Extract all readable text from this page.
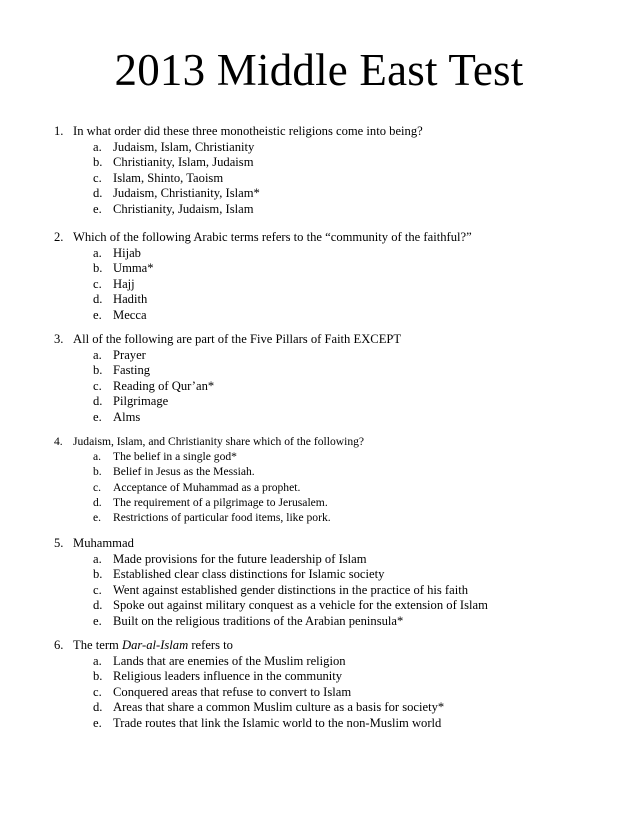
2013 Middle East Test
1. In what order did these three monotheistic religions come into being?
a. Judaism, Islam, Christianity
b. Christianity, Islam, Judaism
c. Islam, Shinto, Taoism
d. Judaism, Christianity, Islam*
e. Christianity, Judaism, Islam
2. Which of the following Arabic terms refers to the “community of the faithful?”
a. Hijab
b. Umma*
c. Hajj
d. Hadith
e. Mecca
3. All of the following are part of the Five Pillars of Faith EXCEPT
a. Prayer
b. Fasting
c. Reading of Qur’an*
d. Pilgrimage
e. Alms
4. Judaism, Islam, and Christianity share which of the following?
a. The belief in a single god*
b. Belief in Jesus as the Messiah.
c. Acceptance of Muhammad as a prophet.
d. The requirement of a pilgrimage to Jerusalem.
e. Restrictions of particular food items, like pork.
5. Muhammad
a. Made provisions for the future leadership of Islam
b. Established clear class distinctions for Islamic society
c. Went against established gender distinctions in the practice of his faith
d. Spoke out against military conquest as a vehicle for the extension of Islam
e. Built on the religious traditions of the Arabian peninsula*
6. The term Dar-al-Islam refers to
a. Lands that are enemies of the Muslim religion
b. Religious leaders influence in the community
c. Conquered areas that refuse to convert to Islam
d. Areas that share a common Muslim culture as a basis for society*
e. Trade routes that link the Islamic world to the non-Muslim world
